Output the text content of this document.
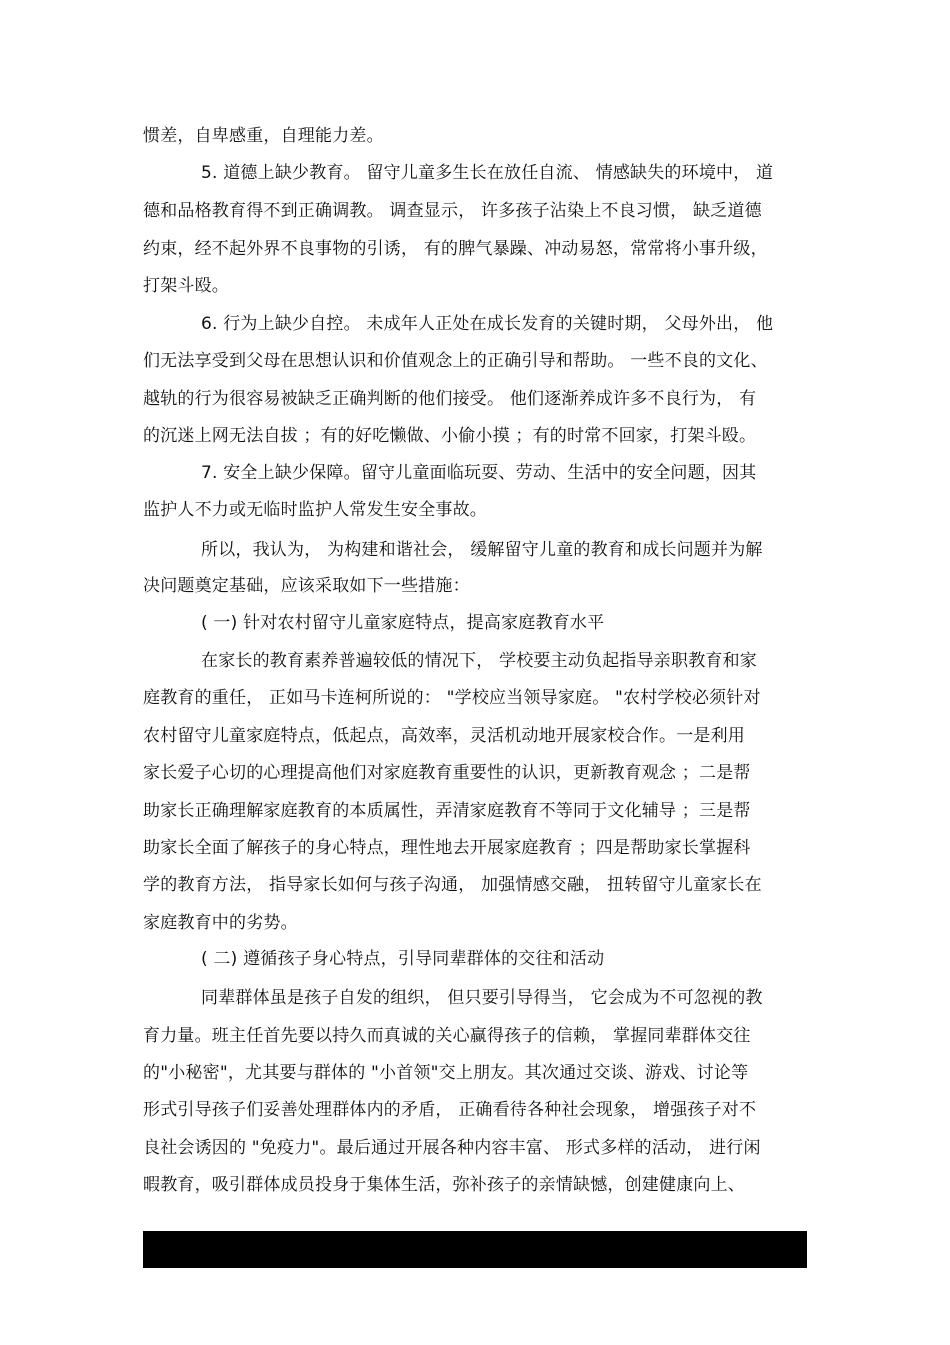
惯差，自卑感重，自理能力差。
5. 道德上缺少教育。 留守儿童多生长在放任自流、 情感缺失的环境中， 道
德和品格教育得不到正确调教。 调查显示， 许多孩子沾染上不良习惯， 缺乏道德
约束，经不起外界不良事物的引诱， 有的脾气暴躁、冲动易怒，常常将小事升级，
打架斗殴。
6. 行为上缺少自控。 未成年人正处在成长发育的关键时期， 父母外出， 他
们无法享受到父母在思想认识和价值观念上的正确引导和帮助。 一些不良的文化、
越轨的行为很容易被缺乏正确判断的他们接受。 他们逐渐养成许多不良行为， 有
的沉迷上网无法自拔 ；有的好吃懒做、小偷小摸 ；有的时常不回家，打架斗殴。
7. 安全上缺少保障。留守儿童面临玩耍、劳动、生活中的安全问题，因其
监护人不力或无临时监护人常发生安全事故。
所以，我认为， 为构建和谐社会， 缓解留守儿童的教育和成长问题并为解
决问题奠定基础，应该采取如下一些措施：
( 一) 针对农村留守儿童家庭特点，提高家庭教育水平
在家长的教育素养普遍较低的情况下， 学校要主动负起指导亲职教育和家
庭教育的重任， 正如马卡连柯所说的： "学校应当领导家庭。 "农村学校必须针对
农村留守儿童家庭特点，低起点，高效率，灵活机动地开展家校合作。一是利用
家长爱子心切的心理提高他们对家庭教育重要性的认识，更新教育观念 ；二是帮
助家长正确理解家庭教育的本质属性，弄清家庭教育不等同于文化辅导 ；三是帮
助家长全面了解孩子的身心特点，理性地去开展家庭教育 ；四是帮助家长掌握科
学的教育方法， 指导家长如何与孩子沟通， 加强情感交融， 扭转留守儿童家长在
家庭教育中的劣势。
( 二) 遵循孩子身心特点，引导同辈群体的交往和活动
同辈群体虽是孩子自发的组织， 但只要引导得当， 它会成为不可忽视的教
育力量。班主任首先要以持久而真诚的关心赢得孩子的信赖， 掌握同辈群体交往
的"小秘密"，尤其要与群体的 "小首领"交上朋友。其次通过交谈、游戏、讨论等
形式引导孩子们妥善处理群体内的矛盾， 正确看待各种社会现象， 增强孩子对不
良社会诱因的 "免疫力"。最后通过开展各种内容丰富、 形式多样的活动， 进行闲
暇教育，吸引群体成员投身于集体生活，弥补孩子的亲情缺憾，创建健康向上、
